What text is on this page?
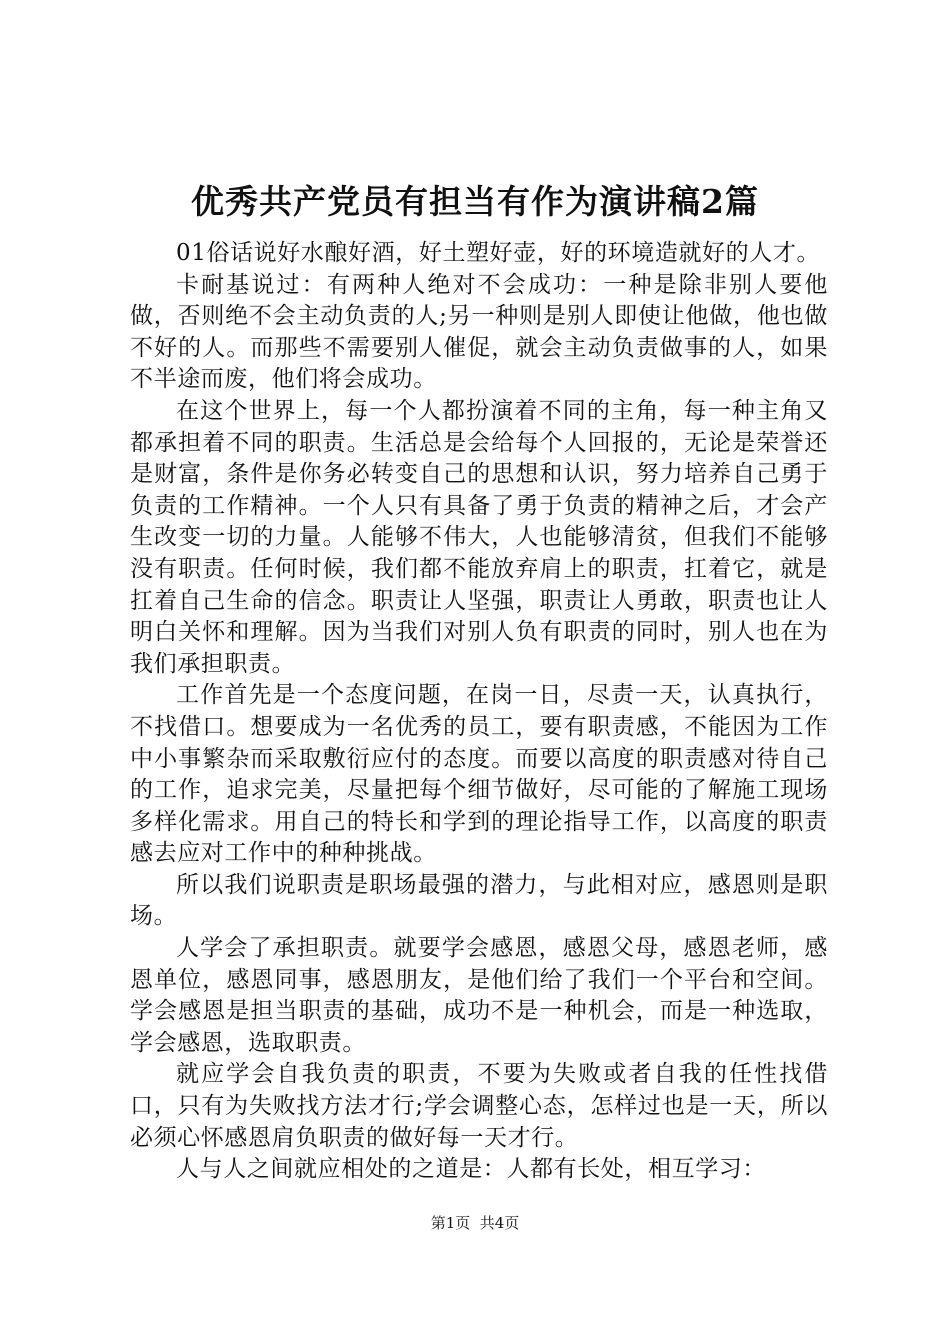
优秀共产党员有担当有作为演讲稿2篇

01俗话说好水酿好酒，好土塑好壶，好的环境造就好的人才。

卡耐基说过：有两种人绝对不会成功：一种是除非别人要他做，否则绝不会主动负责的人;另一种则是别人即使让他做，他也做不好的人。而那些不需要别人催促，就会主动负责做事的人，如果不半途而废，他们将会成功。

在这个世界上，每一个人都扮演着不同的主角，每一种主角又都承担着不同的职责。生活总是会给每个人回报的，无论是荣誉还是财富，条件是你务必转变自己的思想和认识，努力培养自己勇于负责的工作精神。一个人只有具备了勇于负责的精神之后，才会产生改变一切的力量。人能够不伟大，人也能够清贫，但我们不能够没有职责。任何时候，我们都不能放弃肩上的职责，扛着它，就是扛着自己生命的信念。职责让人坚强，职责让人勇敢，职责也让人明白关怀和理解。因为当我们对别人负有职责的同时，别人也在为我们承担职责。

工作首先是一个态度问题，在岗一日，尽责一天，认真执行，不找借口。想要成为一名优秀的员工，要有职责感，不能因为工作中小事繁杂而采取敷衍应付的态度。而要以高度的职责感对待自己的工作，追求完美，尽量把每个细节做好，尽可能的了解施工现场多样化需求。用自己的特长和学到的理论指导工作，以高度的职责感去应对工作中的种种挑战。

所以我们说职责是职场最强的潜力，与此相对应，感恩则是职场。

人学会了承担职责。就要学会感恩，感恩父母，感恩老师，感恩单位，感恩同事，感恩朋友，是他们给了我们一个平台和空间。学会感恩是担当职责的基础，成功不是一种机会，而是一种选取，学会感恩，选取职责。

就应学会自我负责的职责，不要为失败或者自我的任性找借口，只有为失败找方法才行;学会调整心态，怎样过也是一天，所以必须心怀感恩肩负职责的做好每一天才行。

人与人之间就应相处的之道是：人都有长处，相互学习：

第1页  共4页
